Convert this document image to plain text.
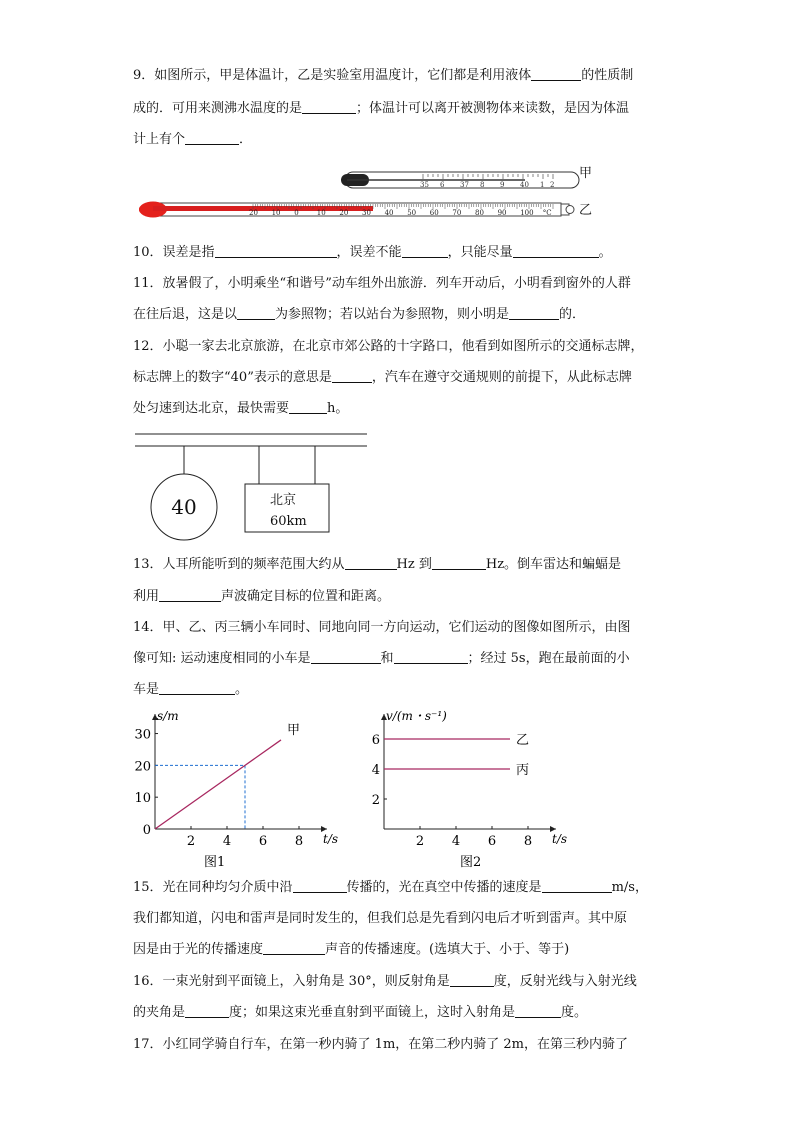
9．如图所示，甲是体温计，乙是实验室用温度计，它们都是利用液体	的性质制
成的．可用来测沸水温度的是	；体温计可以离开被测物体来读数，是因为体温
计上有个	．
35 6 37 8 9 40 1 2
甲
20 10 0	10 20 30 40 50 60 70 80 90 100 °C 乙
10．误差是指	，误差不能	，只能尽量	。
11．放暑假了，小明乘坐“和谐号”动车组外出旅游．列车开动后，小明看到窗外的人群
在往后退，这是以	为参照物；若以站台为参照物，则小明是	的．
12．小聪一家去北京旅游，在北京市郊公路的十字路口，他看到如图所示的交通标志牌，
标志牌上的数字“40”表示的意思是	，汽车在遵守交通规则的前提下，从此标志牌
处匀速到达北京，最快需要	h。
40	北京
60km
13．人耳所能听到的频率范围大约从	Hz 到	Hz。倒车雷达和蝙蝠是
利用	声波确定目标的位置和距离。
14．甲、乙、丙三辆小车同时、同地向同一方向运动，它们运动的图像如图所示，由图
像可知: 运动速度相同的小车是	和	；经过 5s，跑在最前面的小
车是	。
s/m
t/s
2 4 6 8
0
10
20
30	甲
图1
v/(m・s⁻¹)
t/s
2 4 6 8
2
4
6	乙
丙
图2
15．光在同种均匀介质中沿	传播的，光在真空中传播的速度是	m/s，
我们都知道，闪电和雷声是同时发生的，但我们总是先看到闪电后才听到雷声。其中原
因是由于光的传播速度	声音的传播速度。(选填大于、小于、等于)
16．一束光射到平面镜上，入射角是 30°，则反射角是	度，反射光线与入射光线
的夹角是	度；如果这束光垂直射到平面镜上，这时入射角是	度。
17．小红同学骑自行车，在第一秒内骑了 1m，在第二秒内骑了 2m，在第三秒内骑了
